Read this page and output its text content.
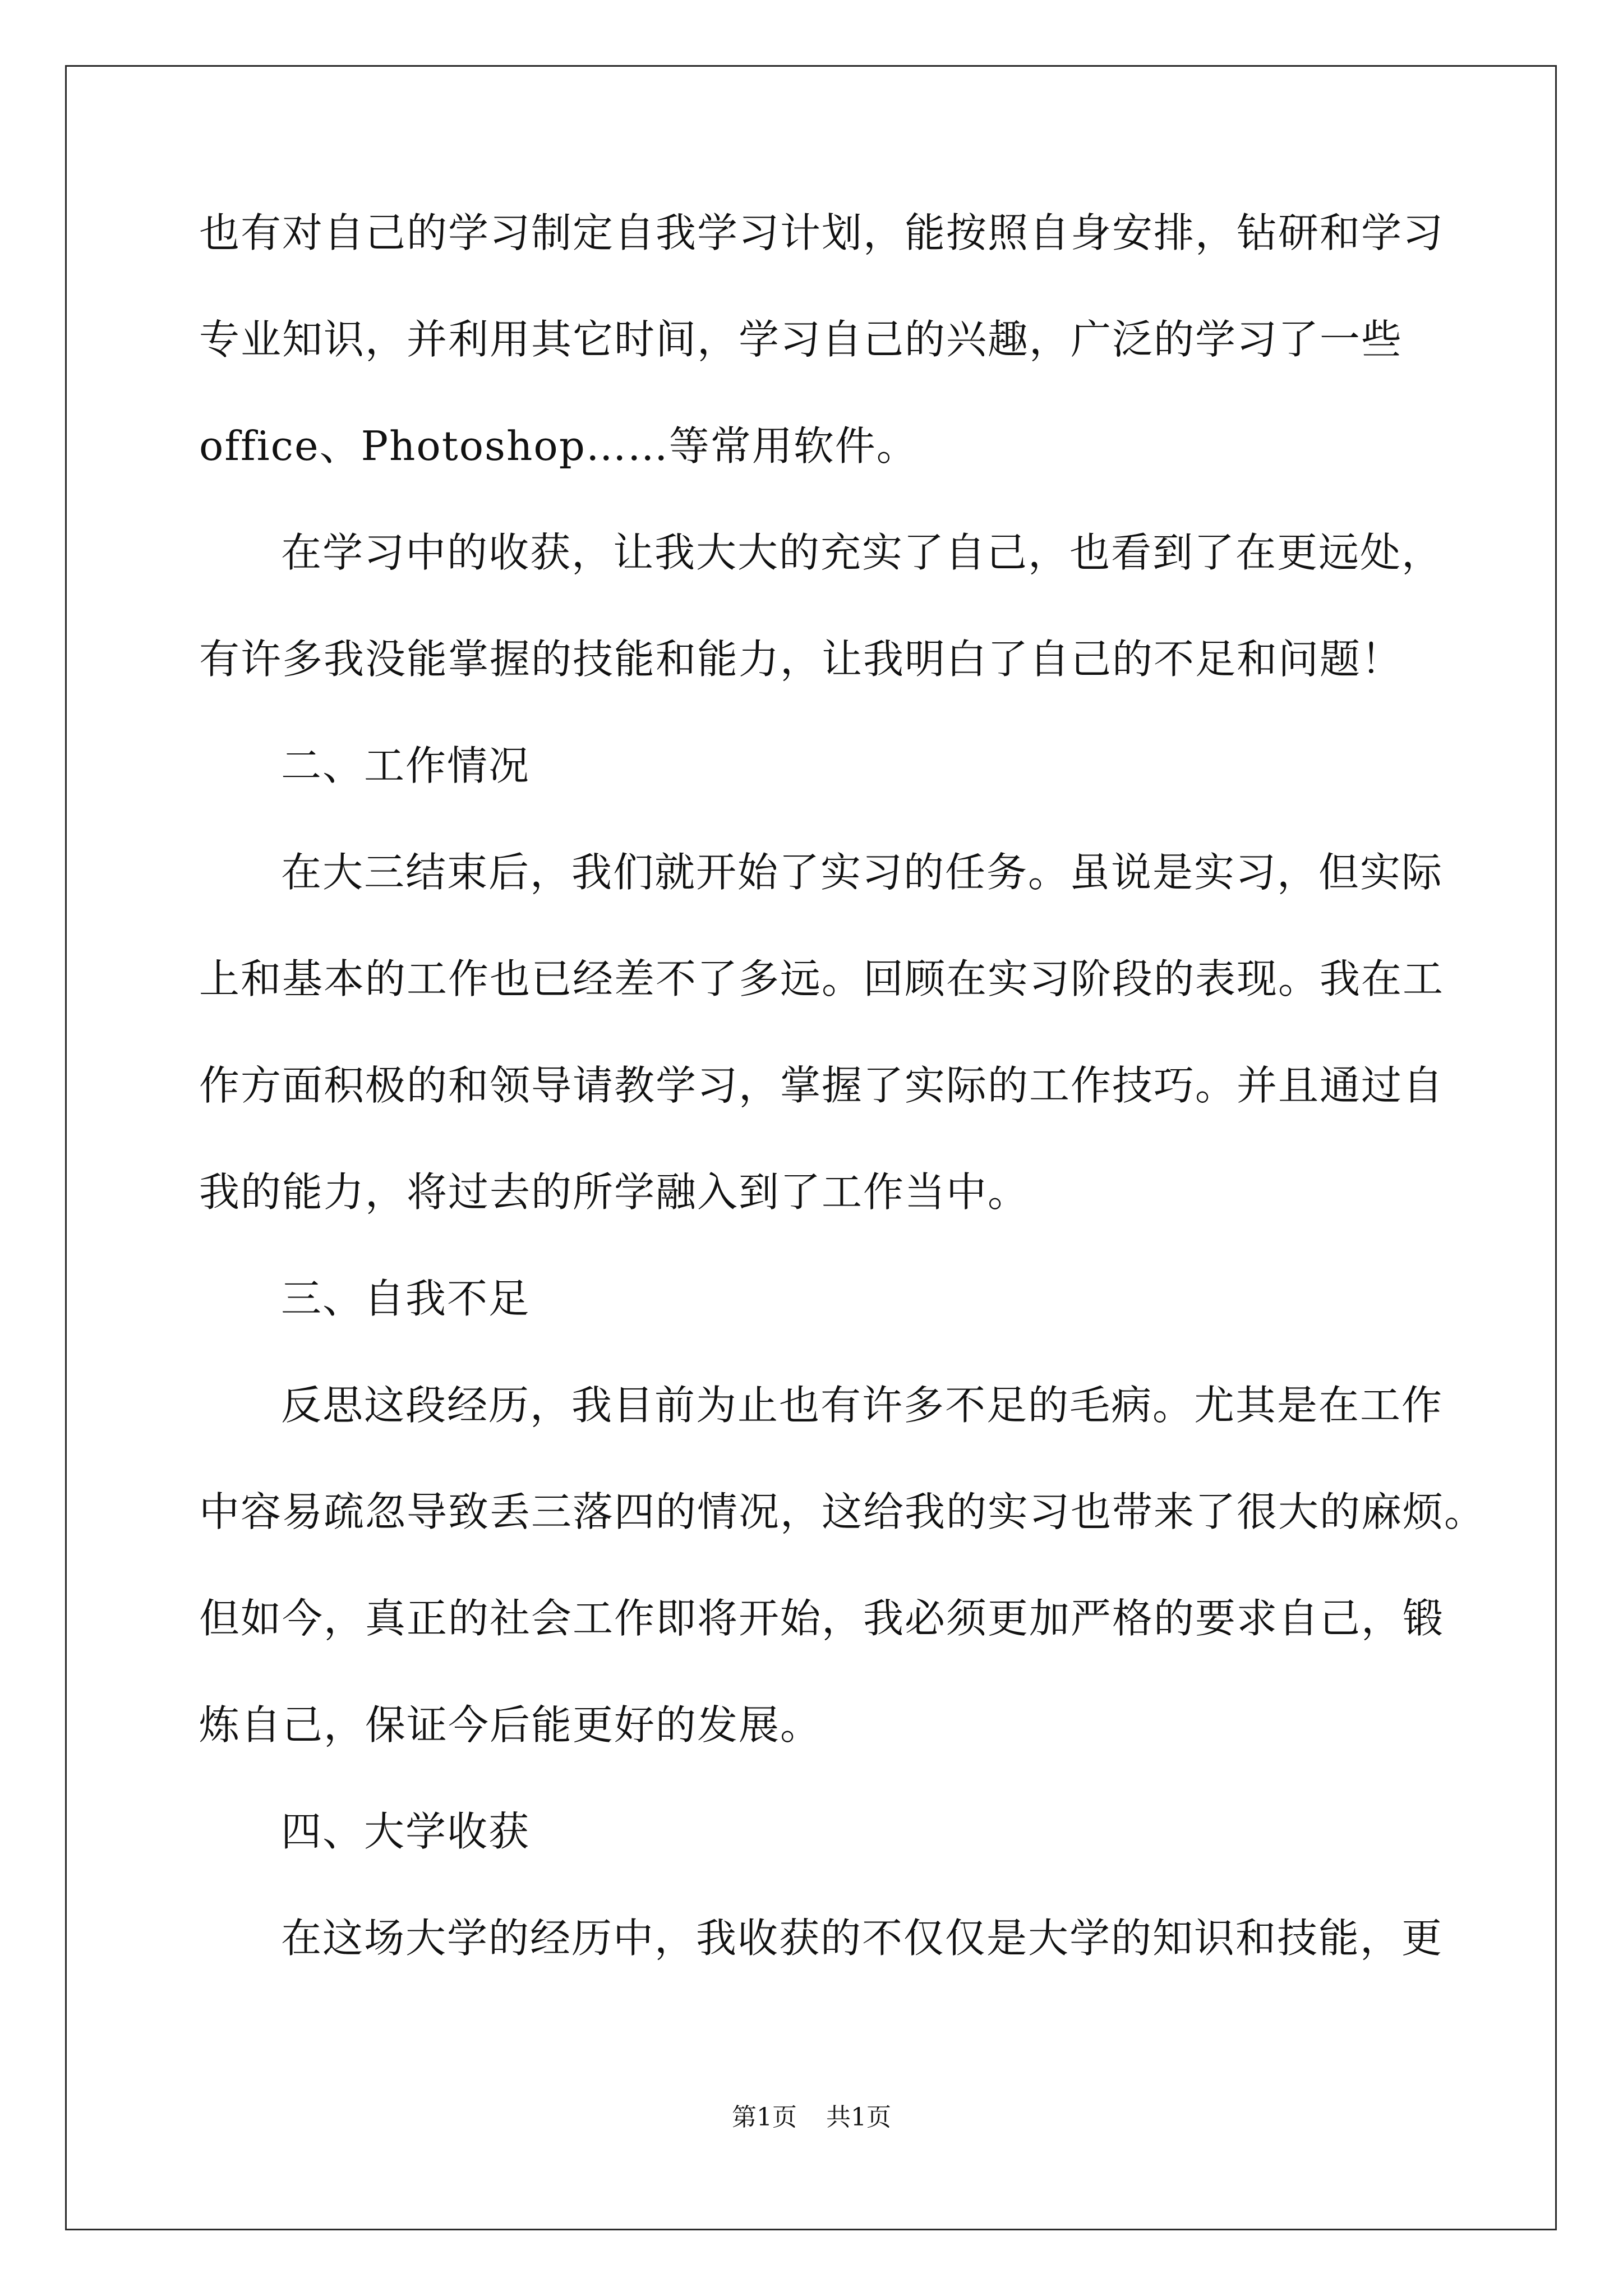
也有对自己的学习制定自我学习计划，能按照自身安排，钻研和学习
专业知识，并利用其它时间，学习自己的兴趣，广泛的学习了一些
office、Photoshop……等常用软件。
在学习中的收获，让我大大的充实了自己，也看到了在更远处，
有许多我没能掌握的技能和能力，让我明白了自己的不足和问题！
二、工作情况
在大三结束后，我们就开始了实习的任务。虽说是实习，但实际
上和基本的工作也已经差不了多远。回顾在实习阶段的表现。我在工
作方面积极的和领导请教学习，掌握了实际的工作技巧。并且通过自
我的能力，将过去的所学融入到了工作当中。
三、自我不足
反思这段经历，我目前为止也有许多不足的毛病。尤其是在工作
中容易疏忽导致丢三落四的情况，这给我的实习也带来了很大的麻烦。
但如今，真正的社会工作即将开始，我必须更加严格的要求自己，锻
炼自己，保证今后能更好的发展。
四、大学收获
在这场大学的经历中，我收获的不仅仅是大学的知识和技能，更
第1页 共1页
